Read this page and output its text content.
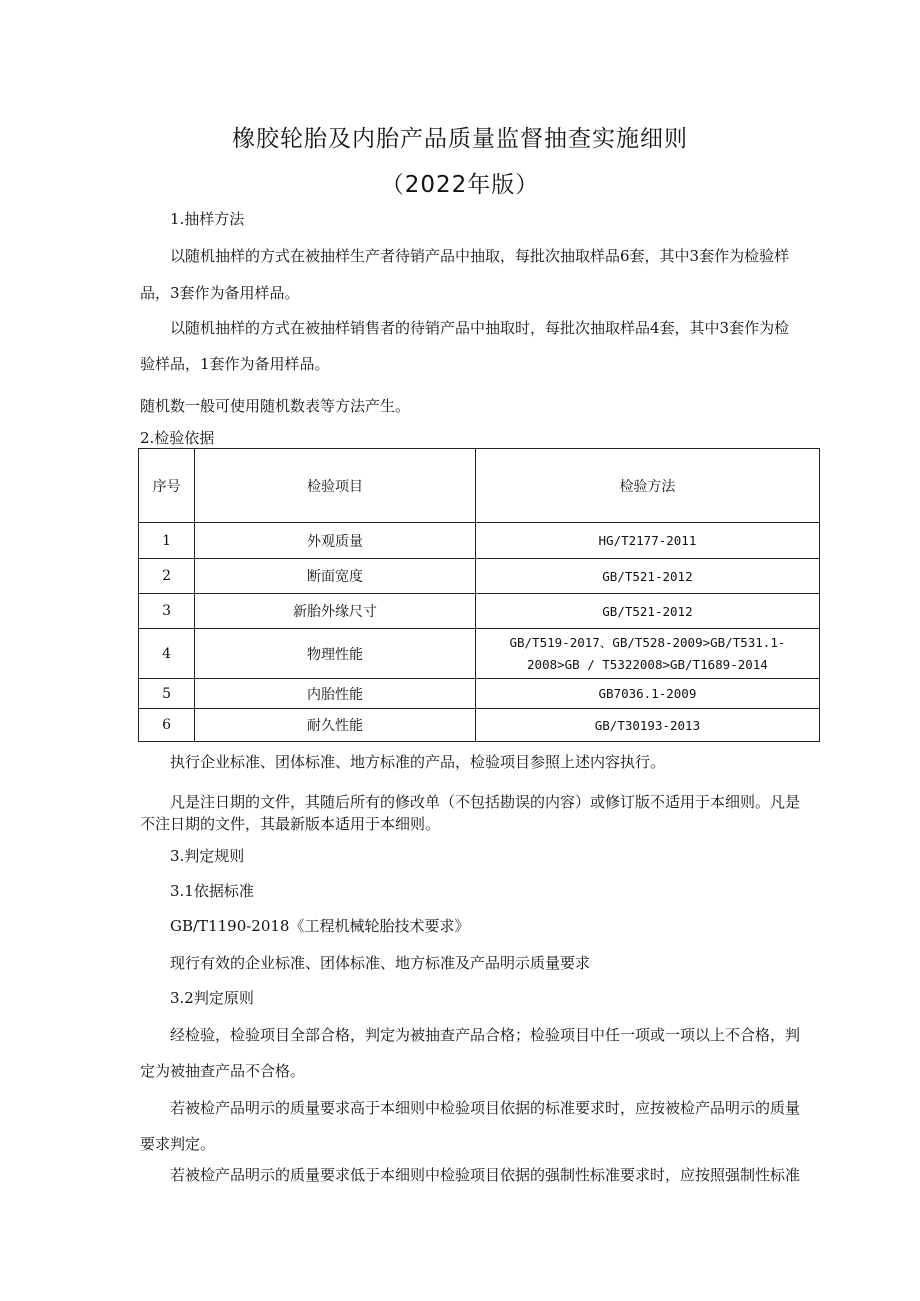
橡胶轮胎及内胎产品质量监督抽查实施细则
（2022年版）
1.抽样方法
以随机抽样的方式在被抽样生产者待销产品中抽取，每批次抽取样品6套，其中3套作为检验样
品，3套作为备用样品。
以随机抽样的方式在被抽样销售者的待销产品中抽取时，每批次抽取样品4套，其中3套作为检
验样品，1套作为备用样品。
随机数一般可使用随机数表等方法产生。
2.检验依据
序号	检验项目	检验方法
1	外观质量	HG/T2177-2011
2	断面宽度	GB/T521-2012
3	新胎外缘尺寸	GB/T521-2012
4	物理性能	GB/T519-2017、GB/T528-2009>GB/T531.1-
2008>GB / T5322008>GB/T1689-2014

5	内胎性能	GB7036.1-2009
6	耐久性能	GB/T30193-2013
执行企业标准、团体标准、地方标准的产品，检验项目参照上述内容执行。
凡是注日期的文件，其随后所有的修改单（不包括勘误的内容）或修订版不适用于本细则。凡是
不注日期的文件，其最新版本适用于本细则。
3.判定规则
3.1依据标准
GB/T1190-2018《工程机械轮胎技术要求》
现行有效的企业标准、团体标准、地方标准及产品明示质量要求
3.2判定原则
经检验，检验项目全部合格，判定为被抽查产品合格；检验项目中任一项或一项以上不合格，判
定为被抽查产品不合格。
若被检产品明示的质量要求高于本细则中检验项目依据的标准要求时，应按被检产品明示的质量
要求判定。
若被检产品明示的质量要求低于本细则中检验项目依据的强制性标准要求时，应按照强制性标准
